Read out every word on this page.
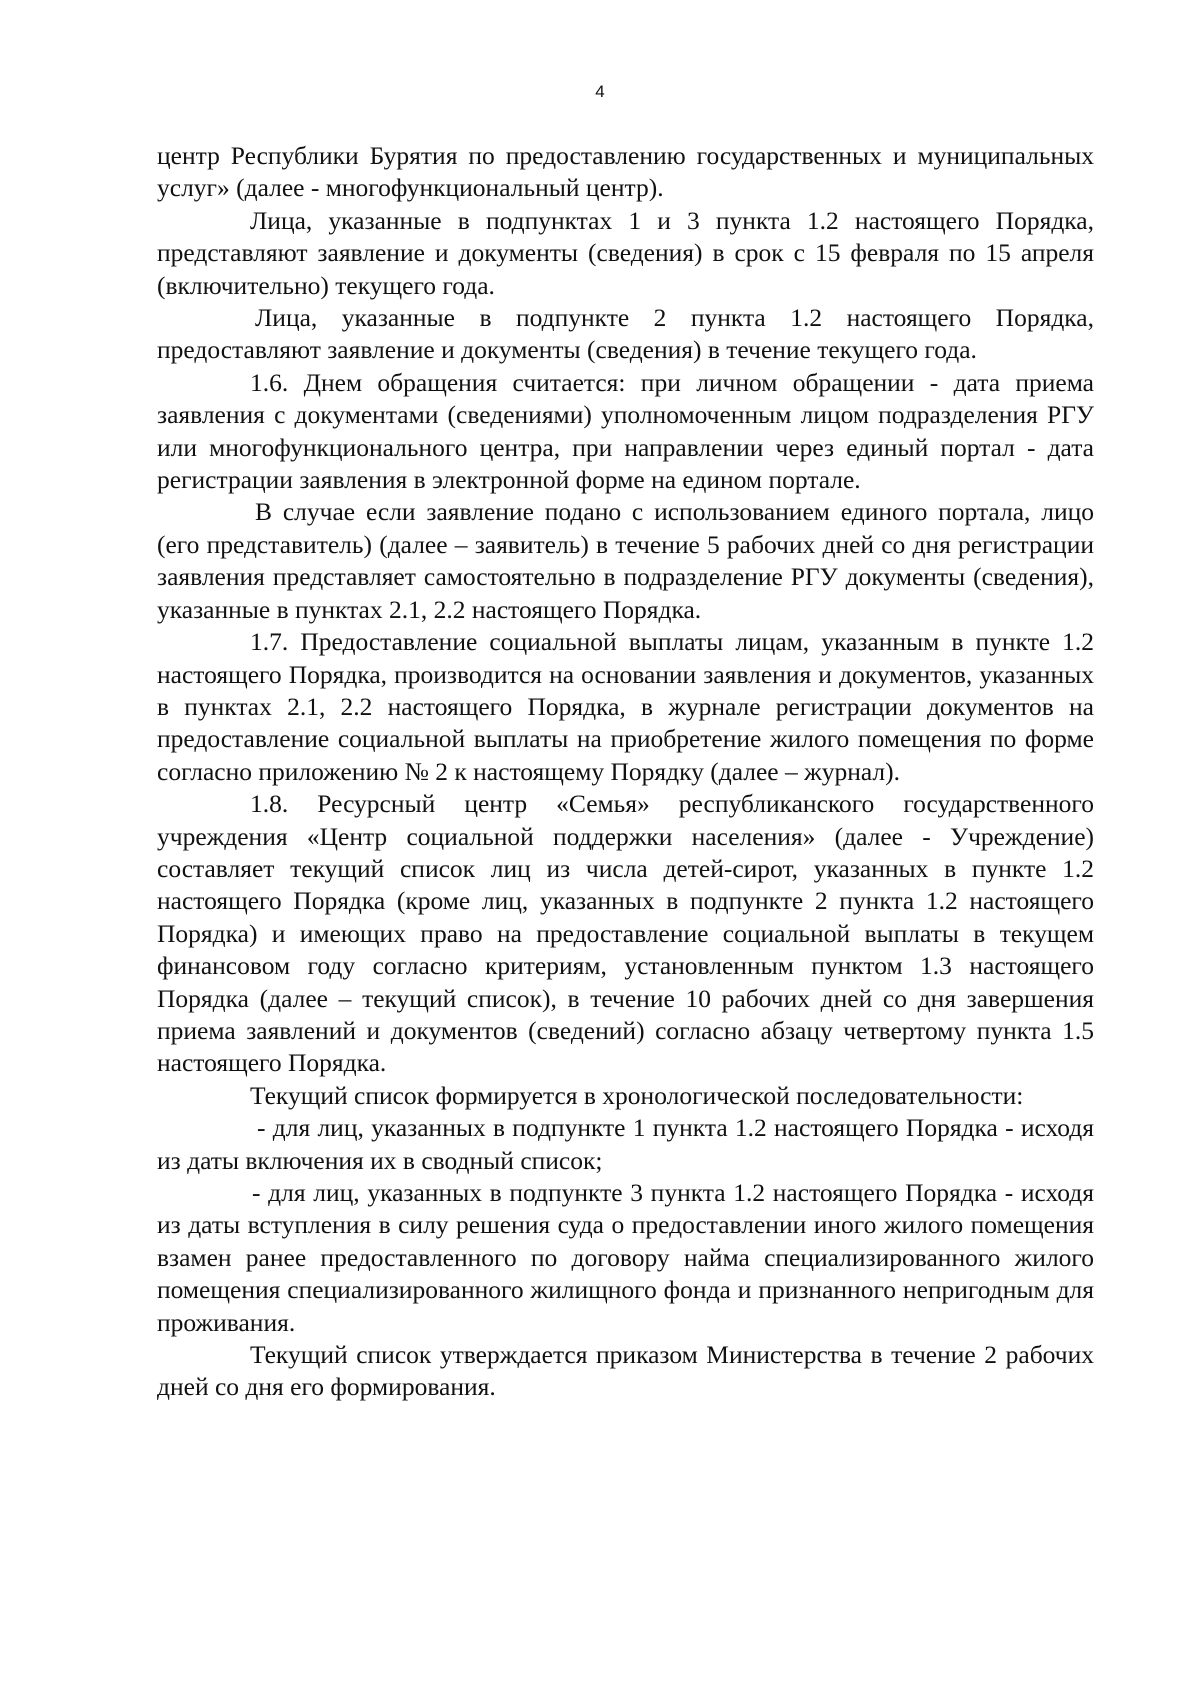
4

центр Республики Бурятия по предоставлению государственных и муниципальных услуг» (далее - многофункциональный центр).

Лица, указанные в подпунктах 1 и 3 пункта 1.2 настоящего Порядка, представляют заявление и документы (сведения) в срок с 15 февраля по 15 апреля (включительно) текущего года.

Лица, указанные в подпункте 2 пункта 1.2 настоящего Порядка, предоставляют заявление и документы (сведения) в течение текущего года.

1.6. Днем обращения считается: при личном обращении - дата приема заявления с документами (сведениями) уполномоченным лицом подразделения РГУ или многофункционального центра, при направлении через единый портал - дата регистрации заявления в электронной форме на едином портале.

В случае если заявление подано с использованием единого портала, лицо (его представитель) (далее – заявитель) в течение 5 рабочих дней со дня регистрации заявления представляет самостоятельно в подразделение РГУ документы (сведения), указанные в пунктах 2.1, 2.2 настоящего Порядка.

1.7. Предоставление социальной выплаты лицам, указанным в пункте 1.2 настоящего Порядка, производится на основании заявления и документов, указанных в пунктах 2.1, 2.2 настоящего Порядка, в журнале регистрации документов на предоставление социальной выплаты на приобретение жилого помещения по форме согласно приложению № 2 к настоящему Порядку (далее – журнал).

1.8. Ресурсный центр «Семья» республиканского государственного учреждения «Центр социальной поддержки населения» (далее - Учреждение) составляет текущий список лиц из числа детей-сирот, указанных в пункте 1.2 настоящего Порядка (кроме лиц, указанных в подпункте 2 пункта 1.2 настоящего Порядка) и имеющих право на предоставление социальной выплаты в текущем финансовом году согласно критериям, установленным пунктом 1.3 настоящего Порядка (далее – текущий список), в течение 10 рабочих дней со дня завершения приема заявлений и документов (сведений) согласно абзацу четвертому пункта 1.5 настоящего Порядка.

Текущий список формируется в хронологической последовательности:

- для лиц, указанных в подпункте 1 пункта 1.2 настоящего Порядка - исходя из даты включения их в сводный список;

- для лиц, указанных в подпункте 3 пункта 1.2 настоящего Порядка - исходя из даты вступления в силу решения суда о предоставлении иного жилого помещения взамен ранее предоставленного по договору найма специализированного жилого помещения специализированного жилищного фонда и признанного непригодным для проживания.

Текущий список утверждается приказом Министерства в течение 2 рабочих дней со дня его формирования.
